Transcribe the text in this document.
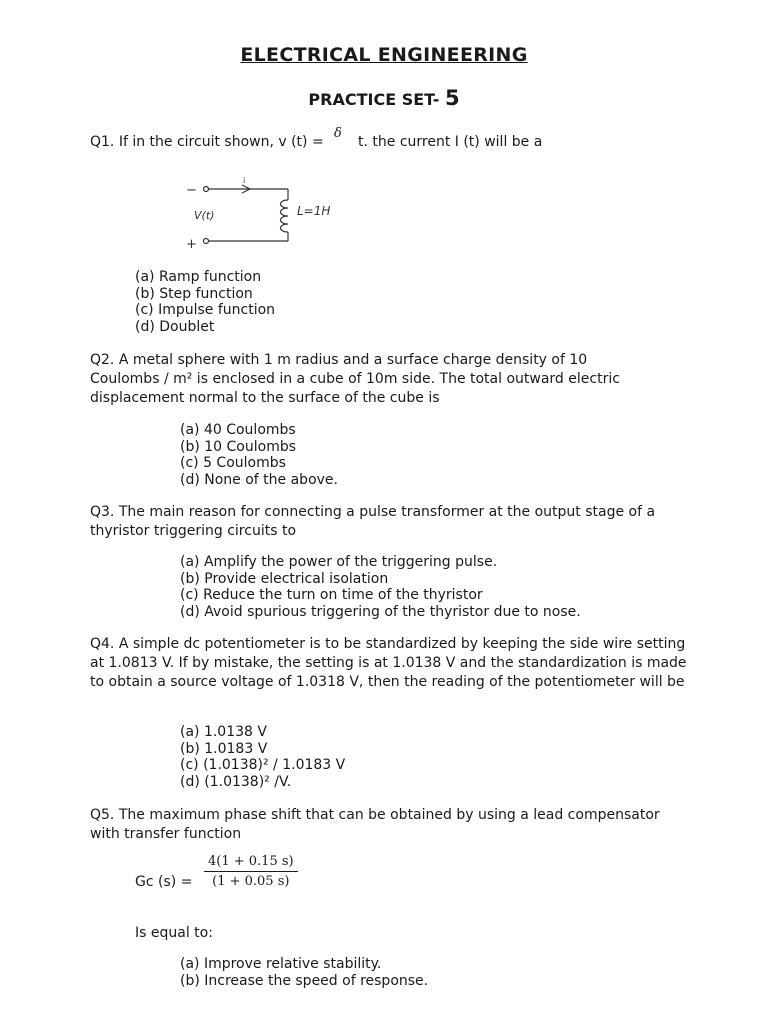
ELECTRICAL ENGINEERING
PRACTICE SET- 5
Q1. If in the circuit shown, v (t) =
δ
t. the current I (t) will be a
−
+
i
V(t)	L=1H
(a) Ramp function
(b) Step function
(c) Impulse function
(d) Doublet
Q2. A metal sphere with 1 m radius and a surface charge density of 10 Coulombs / m² is enclosed in a cube of 10m side. The total outward electric displacement normal to the surface of the cube is
(a) 40 Coulombs
(b) 10 Coulombs
(c) 5 Coulombs
(d) None of the above.
Q3. The main reason for connecting a pulse transformer at the output stage of a thyristor triggering circuits to
(a) Amplify the power of the triggering pulse.
(b) Provide electrical isolation
(c) Reduce the turn on time of the thyristor
(d) Avoid spurious triggering of the thyristor due to nose.
Q4. A simple dc potentiometer is to be standardized by keeping the side wire setting at 1.0813 V. If by mistake, the setting is at 1.0138 V and the standardization is made to obtain a source voltage of 1.0318 V, then the reading of the potentiometer will be
(a) 1.0138 V
(b) 1.0183 V
(c) (1.0138)² / 1.0183 V
(d) (1.0138)² /V.
Q5. The maximum phase shift that can be obtained by using a lead compensator with transfer function
Gc $(s) = \frac{4(1 + 0.15 s)}{(1 + 0.05 s)}$
Is equal to:
(a) Improve relative stability.
(b) Increase the speed of response.
